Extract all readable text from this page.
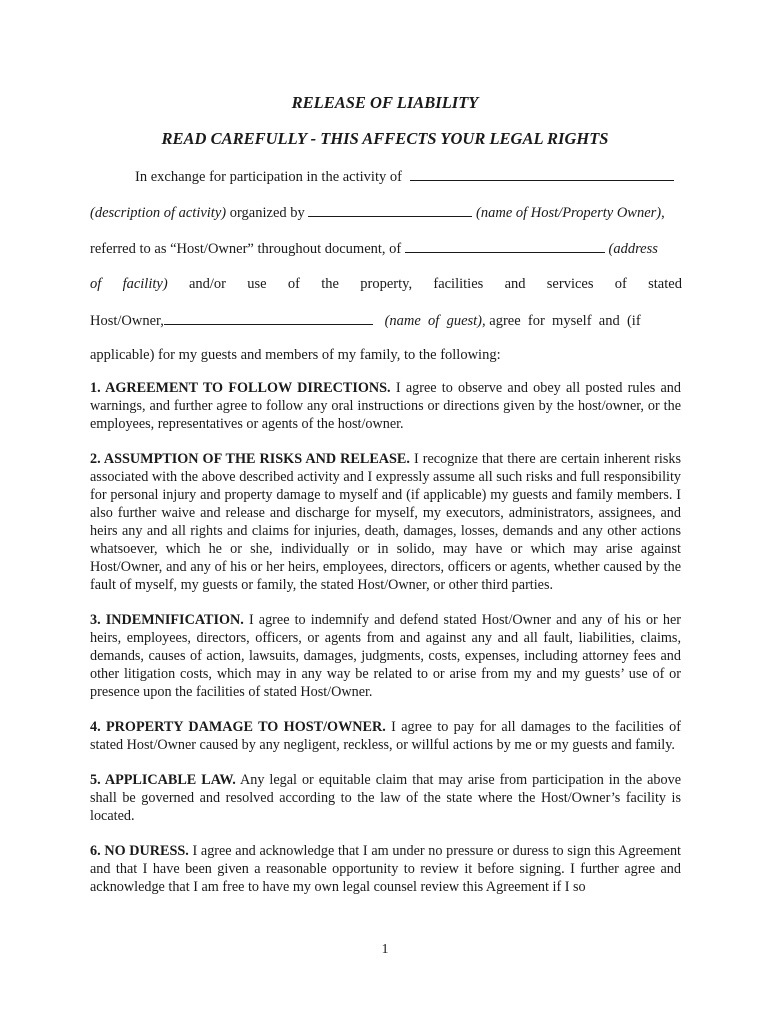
RELEASE OF LIABILITY
READ CAREFULLY - THIS AFFECTS YOUR LEGAL RIGHTS
In exchange for participation in the activity of
(description of activity) organized by	(name of Host/Property Owner),
referred to as “Host/Owner” throughout document, of	(address
of facility) and/or use of the property, facilities and services of stated
Host/Owner,	(name  of  guest), agree  for  myself  and  (if
applicable) for my guests and members of my family, to the following:

1. AGREEMENT TO FOLLOW DIRECTIONS. I agree to observe and obey all posted rules and warnings, and further agree to follow any oral instructions or directions given by the host/owner, or the employees, representatives or agents of the host/owner.

2. ASSUMPTION OF THE RISKS AND RELEASE. I recognize that there are certain inherent risks associated with the above described activity and I expressly assume all such risks and full responsibility for personal injury and property damage to myself and (if applicable) my guests and family members. I also further waive and release and discharge for myself, my executors, administrators, assignees, and heirs any and all rights and claims for injuries, death, damages, losses, demands and any other actions whatsoever, which he or she, individually or in solido, may have or which may arise against Host/Owner, and any of his or her heirs, employees, directors, officers or agents, whether caused by the fault of myself, my guests or family, the stated Host/Owner, or other third parties.

3. INDEMNIFICATION. I agree to indemnify and defend stated Host/Owner and any of his or her heirs, employees, directors, officers, or agents from and against any and all fault, liabilities, claims, demands, causes of action, lawsuits, damages, judgments, costs, expenses, including attorney fees and other litigation costs, which may in any way be related to or arise from my and my guests’ use of or presence upon the facilities of stated Host/Owner.

4. PROPERTY DAMAGE TO HOST/OWNER. I agree to pay for all damages to the facilities of stated Host/Owner caused by any negligent, reckless, or willful actions by me or my guests and family.

5. APPLICABLE LAW. Any legal or equitable claim that may arise from participation in the above shall be governed and resolved according to the law of the state where the Host/Owner’s facility is located.

6. NO DURESS. I agree and acknowledge that I am under no pressure or duress to sign this Agreement and that I have been given a reasonable opportunity to review it before signing. I further agree and acknowledge that I am free to have my own legal counsel review this Agreement if I so

1
